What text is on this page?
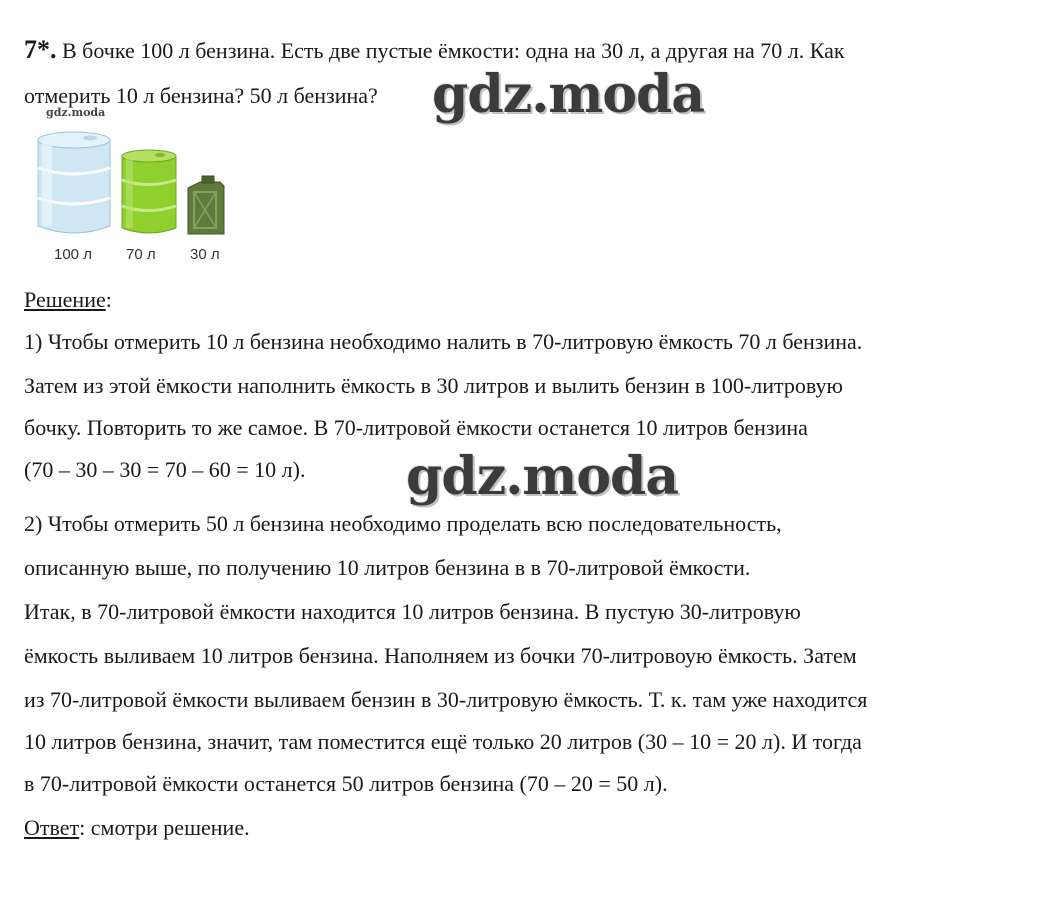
7*. В бочке 100 л бензина. Есть две пустые ёмкости: одна на 30 л, а другая на 70 л. Как
отмерить 10 л бензина? 50 л бензина? gdz.moda
gdz.moda
100 л 70 л 30 л
Решение:
1) Чтобы отмерить 10 л бензина необходимо налить в 70-литровую ёмкость 70 л бензина.
Затем из этой ёмкости наполнить ёмкость в 30 литров и вылить бензин в 100-литровую
бочку. Повторить то же самое. В 70-литровой ёмкости останется 10 литров бензина
(70 – 30 – 30 = 70 – 60 = 10 л). gdz.moda
2) Чтобы отмерить 50 л бензина необходимо проделать всю последовательность,
описанную выше, по получению 10 литров бензина в в 70-литровой ёмкости.
Итак, в 70-литровой ёмкости находится 10 литров бензина. В пустую 30-литровую
ёмкость выливаем 10 литров бензина. Наполняем из бочки 70-литровоую ёмкость. Затем
из 70-литровой ёмкости выливаем бензин в 30-литровую ёмкость. Т. к. там уже находится
10 литров бензина, значит, там поместится ещё только 20 литров (30 – 10 = 20 л). И тогда
в 70-литровой ёмкости останется 50 литров бензина (70 – 20 = 50 л).
Ответ: смотри решение.
